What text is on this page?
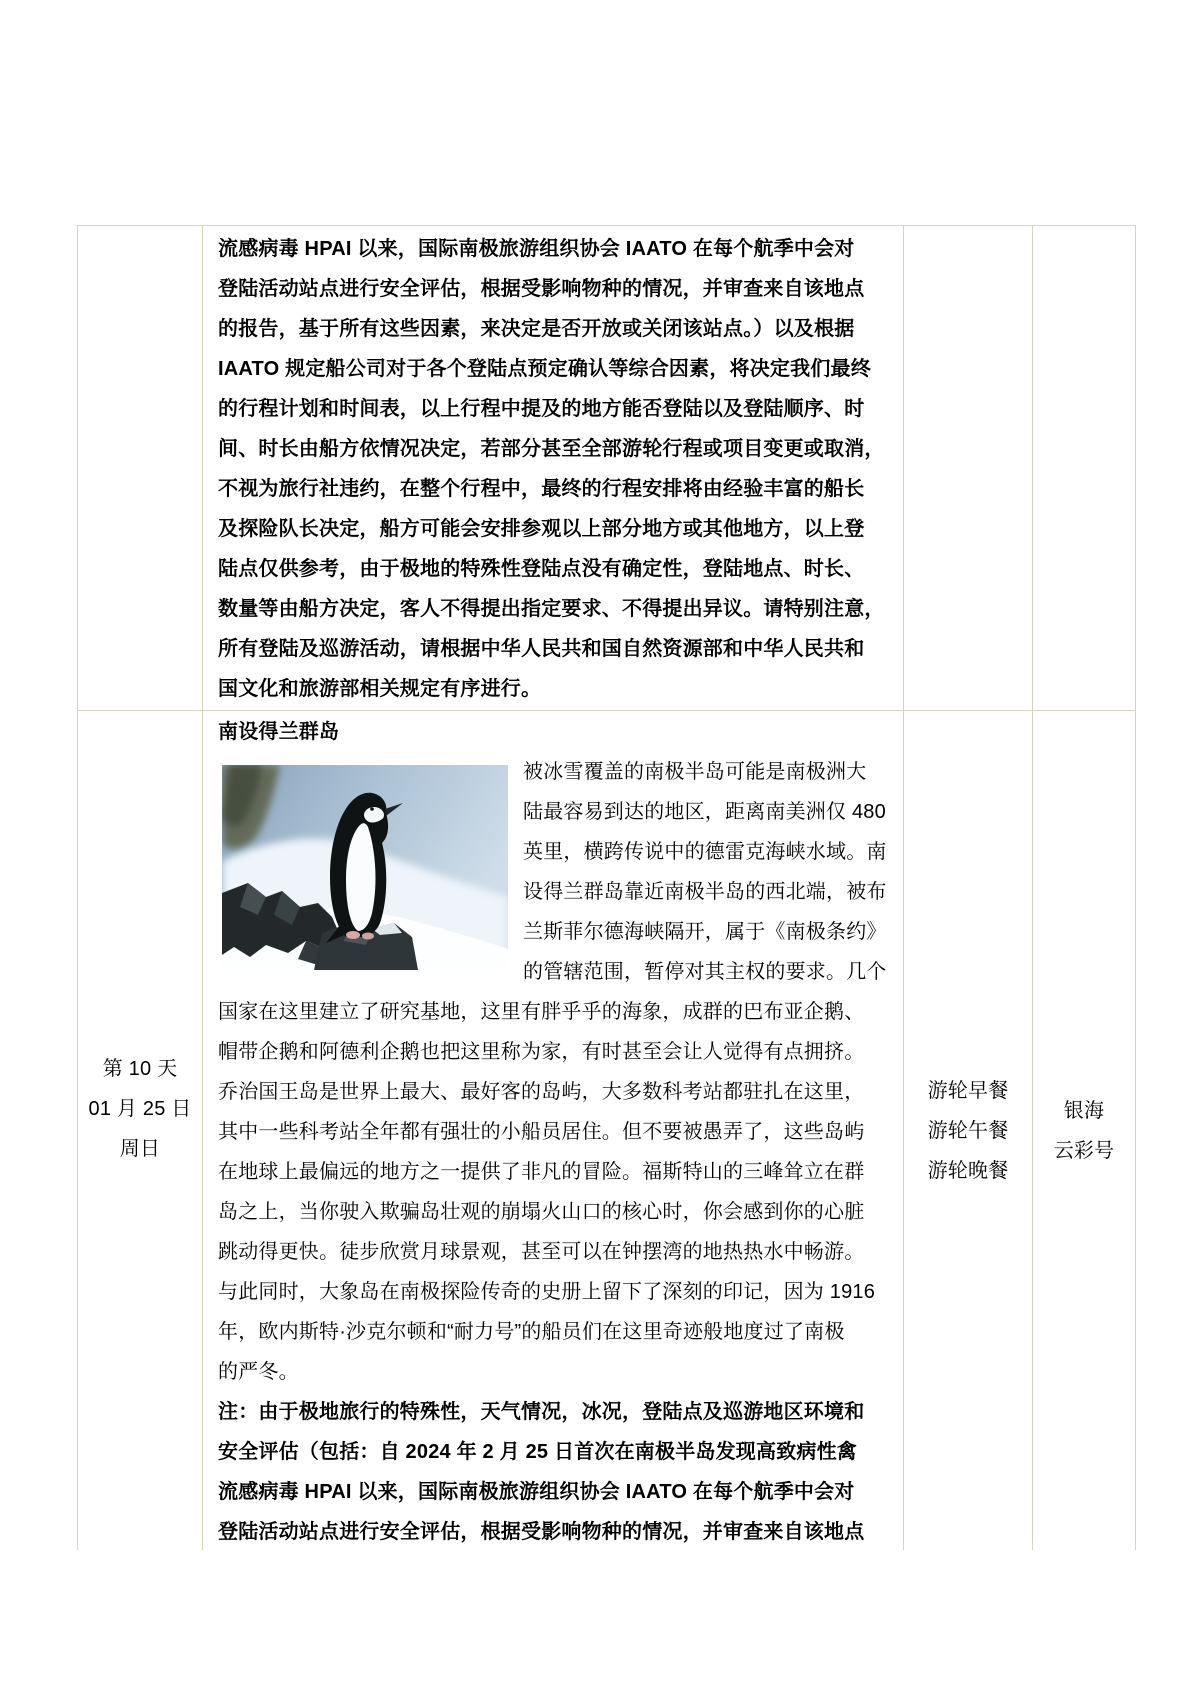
流感病毒 HPAI 以来，国际南极旅游组织协会 IAATO 在每个航季中会对
登陆活动站点进行安全评估，根据受影响物种的情况，并审查来自该地点
的报告，基于所有这些因素，来决定是否开放或关闭该站点。）以及根据
IAATO 规定船公司对于各个登陆点预定确认等综合因素，将决定我们最终
的行程计划和时间表，以上行程中提及的地方能否登陆以及登陆顺序、时
间、时长由船方依情况决定，若部分甚至全部游轮行程或项目变更或取消，
不视为旅行社违约，在整个行程中，最终的行程安排将由经验丰富的船长
及探险队长决定，船方可能会安排参观以上部分地方或其他地方，以上登
陆点仅供参考，由于极地的特殊性登陆点没有确定性，登陆地点、时长、
数量等由船方决定，客人不得提出指定要求、不得提出异议。请特别注意，
所有登陆及巡游活动，请根据中华人民共和国自然资源部和中华人民共和
国文化和旅游部相关规定有序进行。
第 10 天
01 月 25 日
周日
南设得兰群岛
被冰雪覆盖的南极半岛可能是南极洲大
陆最容易到达的地区，距离南美洲仅 480
英里，横跨传说中的德雷克海峡水域。南
设得兰群岛靠近南极半岛的西北端，被布
兰斯菲尔德海峡隔开，属于《南极条约》
的管辖范围，暂停对其主权的要求。几个
国家在这里建立了研究基地，这里有胖乎乎的海象，成群的巴布亚企鹅、
帽带企鹅和阿德利企鹅也把这里称为家，有时甚至会让人觉得有点拥挤。
乔治国王岛是世界上最大、最好客的岛屿，大多数科考站都驻扎在这里，
其中一些科考站全年都有强壮的小船员居住。但不要被愚弄了，这些岛屿
在地球上最偏远的地方之一提供了非凡的冒险。福斯特山的三峰耸立在群
岛之上，当你驶入欺骗岛壮观的崩塌火山口的核心时，你会感到你的心脏
跳动得更快。徒步欣赏月球景观，甚至可以在钟摆湾的地热热水中畅游。
与此同时，大象岛在南极探险传奇的史册上留下了深刻的印记，因为 1916
年，欧内斯特·沙克尔顿和“耐力号”的船员们在这里奇迹般地度过了南极
的严冬。
注：由于极地旅行的特殊性，天气情况，冰况，登陆点及巡游地区环境和
安全评估（包括：自 2024 年 2 月 25 日首次在南极半岛发现高致病性禽
流感病毒 HPAI 以来，国际南极旅游组织协会 IAATO 在每个航季中会对
登陆活动站点进行安全评估，根据受影响物种的情况，并审查来自该地点
游轮早餐
游轮午餐
游轮晚餐
银海
云彩号
